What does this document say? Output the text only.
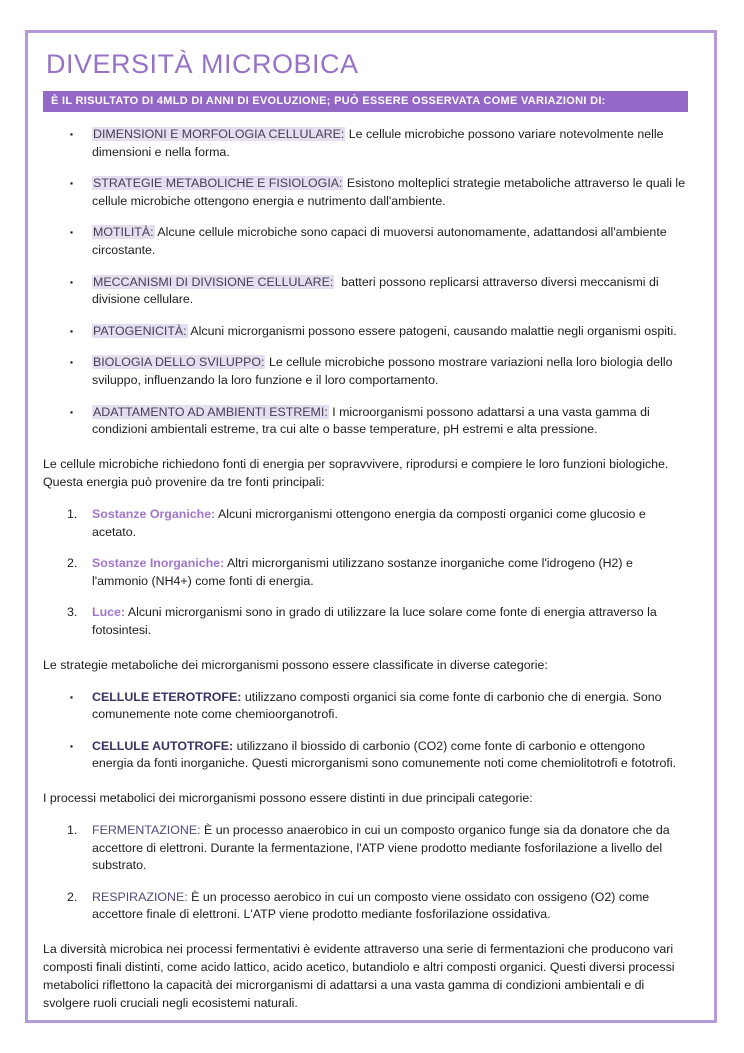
DIVERSITÀ MICROBICA
È IL RISULTATO DI 4MLD DI ANNI DI EVOLUZIONE; PUÒ ESSERE OSSERVATA COME VARIAZIONI DI:
▪	DIMENSIONI E MORFOLOGIA CELLULARE: Le cellule microbiche possono variare notevolmente nelle dimensioni e nella forma.

▪	STRATEGIE METABOLICHE E FISIOLOGIA: Esistono molteplici strategie metaboliche attraverso le quali le cellule microbiche ottengono energia e nutrimento dall'ambiente.

▪	MOTILITÀ: Alcune cellule microbiche sono capaci di muoversi autonomamente, adattandosi all'ambiente circostante.

▪	MECCANISMI DI DIVISIONE CELLULARE: batteri possono replicarsi attraverso diversi meccanismi di divisione cellulare.

▪	PATOGENICITÀ: Alcuni microrganismi possono essere patogeni, causando malattie negli organismi ospiti.

▪	BIOLOGIA DELLO SVILUPPO: Le cellule microbiche possono mostrare variazioni nella loro biologia dello sviluppo, influenzando la loro funzione e il loro comportamento.

▪	ADATTAMENTO AD AMBIENTI ESTREMI: I microorganismi possono adattarsi a una vasta gamma di condizioni ambientali estreme, tra cui alte o basse temperature, pH estremi e alta pressione.

Le cellule microbiche richiedono fonti di energia per sopravvivere, riprodursi e compiere le loro funzioni biologiche. Questa energia può provenire da tre fonti principali:

1.	Sostanze Organiche: Alcuni microrganismi ottengono energia da composti organici come glucosio e acetato.

2.	Sostanze Inorganiche: Altri microrganismi utilizzano sostanze inorganiche come l'idrogeno (H2) e l'ammonio (NH4+) come fonti di energia.

3.	Luce: Alcuni microrganismi sono in grado di utilizzare la luce solare come fonte di energia attraverso la fotosintesi.

Le strategie metaboliche dei microrganismi possono essere classificate in diverse categorie:

▪	CELLULE ETEROTROFE: utilizzano composti organici sia come fonte di carbonio che di energia. Sono comunemente note come chemioorganotrofi.

▪	CELLULE AUTOTROFE: utilizzano il biossido di carbonio (CO2) come fonte di carbonio e ottengono energia da fonti inorganiche. Questi microrganismi sono comunemente noti come chemiolitotrofi e fototrofi.

I processi metabolici dei microrganismi possono essere distinti in due principali categorie:

1.	FERMENTAZIONE: È un processo anaerobico in cui un composto organico funge sia da donatore che da accettore di elettroni. Durante la fermentazione, l'ATP viene prodotto mediante fosforilazione a livello del substrato.

2.	RESPIRAZIONE: È un processo aerobico in cui un composto viene ossidato con ossigeno (O2) come accettore finale di elettroni. L'ATP viene prodotto mediante fosforilazione ossidativa.

La diversità microbica nei processi fermentativi è evidente attraverso una serie di fermentazioni che producono vari composti finali distinti, come acido lattico, acido acetico, butandiolo e altri composti organici. Questi diversi processi metabolici riflettono la capacità dei microrganismi di adattarsi a una vasta gamma di condizioni ambientali e di svolgere ruoli cruciali negli ecosistemi naturali.
